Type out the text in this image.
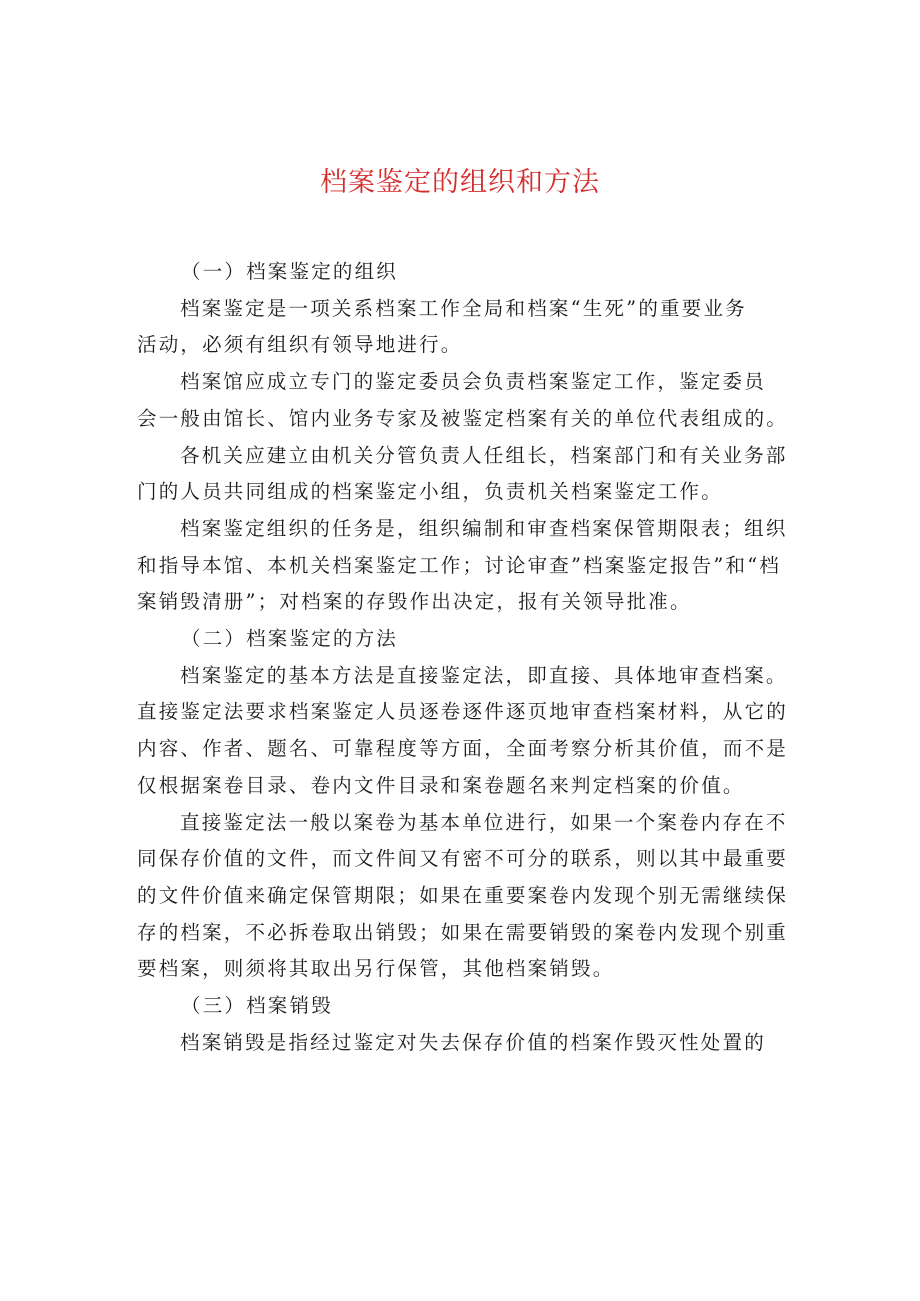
档案鉴定的组织和方法

（一）档案鉴定的组织

档案鉴定是一项关系档案工作全局和档案“生死”的重要业务
活动，必须有组织有领导地进行。

档案馆应成立专门的鉴定委员会负责档案鉴定工作，鉴定委员
会一般由馆长、馆内业务专家及被鉴定档案有关的单位代表组成的。

各机关应建立由机关分管负责人任组长，档案部门和有关业务部
门的人员共同组成的档案鉴定小组，负责机关档案鉴定工作。

档案鉴定组织的任务是，组织编制和审查档案保管期限表；组织
和指导本馆、本机关档案鉴定工作；讨论审查”档案鉴定报告”和“档
案销毁清册”；对档案的存毁作出决定，报有关领导批准。

（二）档案鉴定的方法

档案鉴定的基本方法是直接鉴定法，即直接、具体地审查档案。
直接鉴定法要求档案鉴定人员逐卷逐件逐页地审查档案材料，从它的
内容、作者、题名、可靠程度等方面，全面考察分析其价值，而不是
仅根据案卷目录、卷内文件目录和案卷题名来判定档案的价值。

直接鉴定法一般以案卷为基本单位进行，如果一个案卷内存在不
同保存价值的文件，而文件间又有密不可分的联系，则以其中最重要
的文件价值来确定保管期限；如果在重要案卷内发现个别无需继续保
存的档案，不必拆卷取出销毁；如果在需要销毁的案卷内发现个别重
要档案，则须将其取出另行保管，其他档案销毁。

（三）档案销毁

档案销毁是指经过鉴定对失去保存价值的档案作毁灭性处置的
